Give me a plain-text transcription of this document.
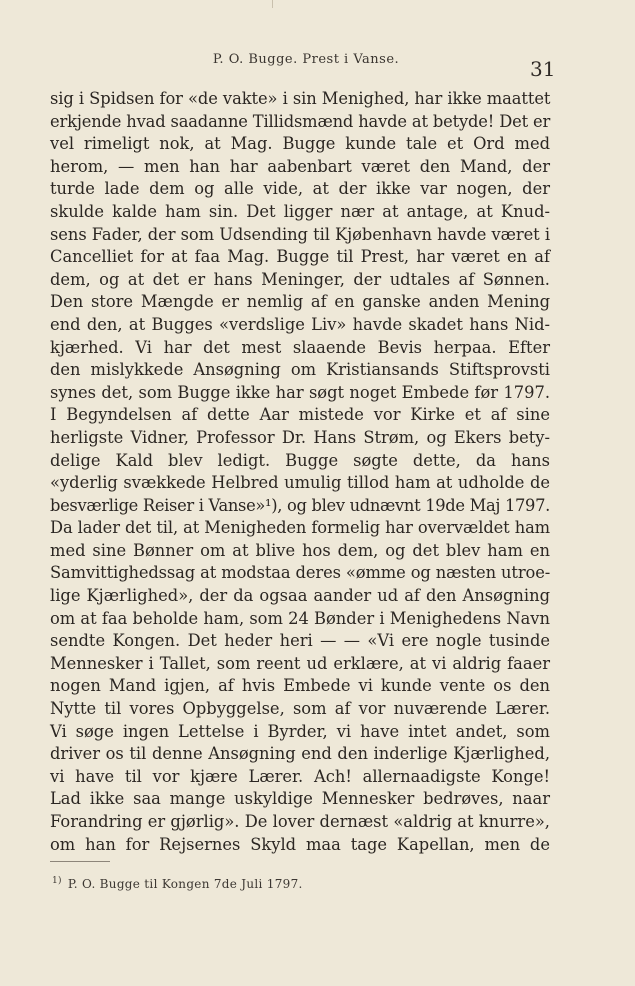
P. O. Bugge. Prest i Vanse.	31
sig i Spidsen for «de vakte» i sin Menighed, har ikke maattet
erkjende hvad saadanne Tillidsmænd havde at betyde! Det er
vel rimeligt nok, at Mag. Bugge kunde tale et Ord med
herom, — men han har aabenbart været den Mand, der
turde lade dem og alle vide, at der ikke var nogen, der
skulde kalde ham sin. Det ligger nær at antage, at Knud-
sens Fader, der som Udsending til Kjøbenhavn havde været i
Cancelliet for at faa Mag. Bugge til Prest, har været en af
dem, og at det er hans Meninger, der udtales af Sønnen.
Den store Mængde er nemlig af en ganske anden Mening
end den, at Bugges «verdslige Liv» havde skadet hans Nid-
kjærhed. Vi har det mest slaaende Bevis herpaa. Efter
den mislykkede Ansøgning om Kristiansands Stiftsprovsti
synes det, som Bugge ikke har søgt noget Embede før 1797.
I Begyndelsen af dette Aar mistede vor Kirke et af sine
herligste Vidner, Professor Dr. Hans Strøm, og Ekers bety-
delige Kald blev ledigt. Bugge søgte dette, da hans
«yderlig svækkede Helbred umulig tillod ham at udholde de
besværlige Reiser i Vanse»¹), og blev udnævnt 19de Maj 1797.
Da lader det til, at Menigheden formelig har overvældet ham
med sine Bønner om at blive hos dem, og det blev ham en
Samvittighedssag at modstaa deres «ømme og næsten utroe-
lige Kjærlighed», der da ogsaa aander ud af den Ansøgning
om at faa beholde ham, som 24 Bønder i Menighedens Navn
sendte Kongen. Det heder heri — — «Vi ere nogle tusinde
Mennesker i Tallet, som reent ud erklære, at vi aldrig faaer
nogen Mand igjen, af hvis Embede vi kunde vente os den
Nytte til vores Opbyggelse, som af vor nuværende Lærer.
Vi søge ingen Lettelse i Byrder, vi have intet andet, som
driver os til denne Ansøgning end den inderlige Kjærlighed,
vi have til vor kjære Lærer. Ach! allernaadigste Konge!
Lad ikke saa mange uskyldige Mennesker bedrøves, naar
Forandring er gjørlig». De lover dernæst «aldrig at knurre»,
om han for Rejsernes Skyld maa tage Kapellan, men de
$^{1)}$ P. O. Bugge til Kongen 7de Juli 1797.
